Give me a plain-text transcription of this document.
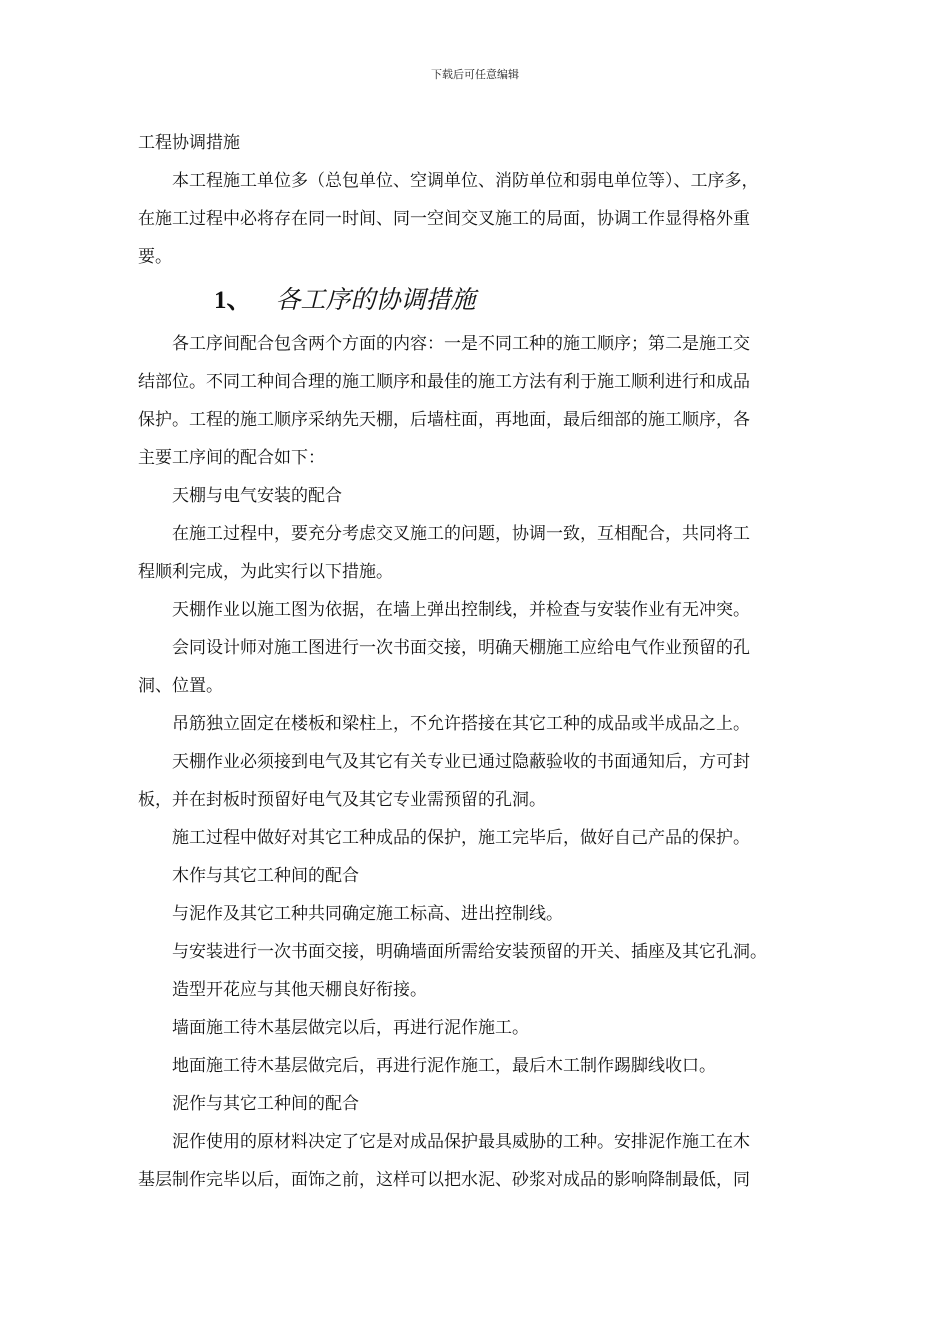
下载后可任意编辑

工程协调措施

本工程施工单位多（总包单位、空调单位、消防单位和弱电单位等）、工序多，

在施工过程中必将存在同一时间、同一空间交叉施工的局面，协调工作显得格外重

要。

1、 各工序的协调措施

各工序间配合包含两个方面的内容：一是不同工种的施工顺序；第二是施工交

结部位。不同工种间合理的施工顺序和最佳的施工方法有利于施工顺利进行和成品

保护。工程的施工顺序采纳先天棚，后墙柱面，再地面，最后细部的施工顺序，各

主要工序间的配合如下：

天棚与电气安装的配合

在施工过程中，要充分考虑交叉施工的问题，协调一致，互相配合，共同将工

程顺利完成，为此实行以下措施。

天棚作业以施工图为依据，在墙上弹出控制线，并检查与安装作业有无冲突。

会同设计师对施工图进行一次书面交接，明确天棚施工应给电气作业预留的孔

洞、位置。

吊筋独立固定在楼板和梁柱上，不允许搭接在其它工种的成品或半成品之上。

天棚作业必须接到电气及其它有关专业已通过隐蔽验收的书面通知后，方可封

板，并在封板时预留好电气及其它专业需预留的孔洞。

施工过程中做好对其它工种成品的保护，施工完毕后，做好自己产品的保护。

木作与其它工种间的配合

与泥作及其它工种共同确定施工标高、进出控制线。

与安装进行一次书面交接，明确墙面所需给安装预留的开关、插座及其它孔洞。

造型开花应与其他天棚良好衔接。

墙面施工待木基层做完以后，再进行泥作施工。

地面施工待木基层做完后，再进行泥作施工，最后木工制作踢脚线收口。

泥作与其它工种间的配合

泥作使用的原材料决定了它是对成品保护最具威胁的工种。安排泥作施工在木

基层制作完毕以后，面饰之前，这样可以把水泥、砂浆对成品的影响降制最低，同
